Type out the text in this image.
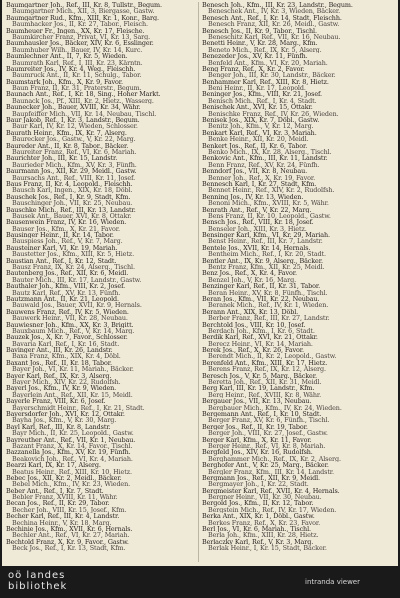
Baumgartner Joh., Ref., III, Kr. 8, Tullstr., Begum.
Baumgartner Mich., XII, 3, Biergasse, Gastw.
Baumgartner Rud., Kfm., XIII, Kr. 1, Konr., Barg.
Baumhacker Jos., II, Kr. 27, Tabor., Fleisch.
Baumheuer Fr., Ingen., XX, Kr. 17, Fleische.
Baumkircher Franz, Privat, VI, Kr. 13, Sarg.
Baumhausler Jos., Bäcker, XIV, Kr. 6, Esslinger.
Baumhuber Wilh., Bauer, IV, Kr. 14, Kurc.
Baumlechner Ant., II, 7, Kr. 5, Wieden.
Baumrath Karl, Ref., I, III, Kr. 23, Kärntn.
Baumreiter Jos., IV, Kr. 4, Weg., Fleischh.
Baumruck Ant., II, Kr. 11, Schulg., Tabor.
Baumstark Joh., Kfm., X, Kr. 9, Favor.
Baun Franz, II, Kr. 31, Praterstr., Begum.
Baunach Ant., Ref., I, Kr. 18, Sing., Hoher Markt.
Baunack Jos., Pf., XIII, Kr. 2, Hietz., Wasserg.
Baunecker Joh., Bauer, XVIII, Kr. 34, Währ.
Baupfeiffer Mich., VII, Kr. 14, Neubau, Tischl.
Baur Jakob, Ref., I, Kr. 3, Landstr., Begum.
Baur Karl, IV, Kr. 12, Wieden, Schlosser.
Baurath Heinr., Kfm., IX, Kr. 7, Alserg.
Baurecker Jos., Gastw., V, Kr. 22, Marg.
Baureder Ant., II, Kr. 8, Tabor., Bäcker.
Baureiter Franz, Ref., VI, Kr. 6, Mariah.
Baurichter Joh., III, Kr. 15, Landstr.
Baurieder Mich., Kfm., XV, Kr. 3, Fünfh.
Baurmann Jos., XII, Kr. 29, Meidl., Gastw.
Baursachs Ant., Ref., VIII, Kr. 11, Josef.
Baus Franz, II, Kr. 4, Leopold., Fleischh.
Bausch Karl, Ingen., XIX, Kr. 18, Döbl.
Bauschek Jos., Ref., I, Kr. 9, Stadt, Kfm.
Bauschinger Joh., VII, Kr. 25, Neubau.
Bauschke Mich., Ref., III, Kr. 13, Landstr.
Bausek Ant., Bauer, XVI, Kr. 8, Ottakr.
Bausenwein Franz, IV, Kr. 16, Wieden.
Bauser Jos., Kfm., X, Kr. 21, Favor.
Bausinger Heinr., II, Kr. 14, Tabor.
Bauspiess Joh., Ref., V, Kr. 7, Marg.
Bausteiner Karl, VI, Kr. 19, Mariah.
Baustetter Jos., Kfm., XIII, Kr. 5, Hietz.
Baustian Ant., Ref., I, Kr. 12, Stadt.
Bausz Franz, IX, Kr. 24, Alserg., Tischl.
Bautenberg Jos., Ref., XII, Kr. 6, Meidl.
Bauter Mich., III, Kr. 17, Landstr., Gastw.
Bauthaler Joh., Kfm., VIII, Kr. 2, Josef.
Bautz Karl, Ref., XV, Kr. 13, Fünfh.
Bautzmann Ant., II, Kr. 21, Leopold.
Bauwald Jos., Bauer, XVII, Kr. 9, Hernals.
Bauwens Franz, Ref., IV, Kr. 5, Wieden.
Bauwerk Heinr., VII, Kr. 28, Neubau.
Bauwiesner Joh., Kfm., XX, Kr. 3, Brigitt.
Bauxbaum Mich., Ref., V, Kr. 14, Marg.
Bauzek Jos., X, Kr. 7, Favor., Schlosser.
Bavaria Karl, Ref., I, Kr. 16, Stadt.
Bavinger Ant., III, Kr. 26, Landstr.
Baxa Franz, Kfm., XIX, Kr. 4, Döbl.
Baxant Jos., Ref., II, Kr. 18, Tabor.
Bayer Joh., VI, Kr. 11, Mariah., Bäcker.
Bayer Karl, Ref., IX, Kr. 3, Alserg.
Bayer Mich., XIV, Kr. 22, Rudolfsh.
Bayerl Jos., Kfm., IV, Kr. 9, Wieden.
Bayerlein Ant., Ref., XII, Kr. 15, Meidl.
Bayerle Franz, VIII, Kr. 6, Josef.
Bayerschmidt Heinr., Ref., I, Kr. 21, Stadt.
Bayersdorfer Joh., XVI, Kr. 12, Ottakr.
Bayha Jos., Kfm., V, Kr. 30, Marg.
Bayl Karl, Ref., III, Kr. 8, Landstr.
Bayr Mich., II, Kr. 25, Leopold., Gastw.
Bayreuther Ant., Ref., VII, Kr. 1, Neubau.
Bazant Franz, X, Kr. 14, Favor., Tischl.
Bazzanella Jos., Kfm., XV, Kr. 19, Fünfh.
Beakovich Joh., Ref., VI, Kr. 4, Mariah.
Bearzi Karl, IX, Kr. 17, Alserg.
Beatus Heinr., Ref., XIII, Kr. 10, Hietz.
Bebec Jos., XII, Kr. 2, Meidl., Bäcker.
Bebel Mich., Kfm., IV, Kr. 23, Wieden.
Beber Ant., Ref., I, Kr. 7, Stadt.
Bebler Franz, XVIII, Kr. 11, Währ.
Becan Jos., Ref., II, Kr. 29, Tabor.
Becher Joh., VIII, Kr. 15, Josef., Kfm.
Becher Karl, Ref., III, Kr. 4, Landstr.
Bechina Heinr., V, Kr. 18, Marg.
Bechinie Jos., Kfm., XVII, Kr. 6, Hernals.
Bechler Ant., Ref., VI, Kr. 27, Mariah.
Bechtold Franz, X, Kr. 9, Favor., Gastw.
Beck Jos., Ref., I, Kr. 13, Stadt, Kfm.
Benesch Joh., Kfm., III, Kr. 23, Landstr., Begum.
Beneschek Ant., IV, Kr. 3, Wieden, Bäcker.
Benesch Ant., Ref., I, Kr. 14, Stadt, Fleischh.
Benesch Franz, XII, Kr. 26, Meidl., Gastw.
Benesch Jos., II, Kr. 9, Tabor., Tischl.
Beneschitz Karl, Ref., VII, Kr. 16, Neubau.
Benetti Heinr., V, Kr. 28, Marg., Kfm.
Beneto Mich., Ref., IX, Kr. 5, Alserg.
Benezeder Jos., XV, Kr. 11, Fünfh.
Benfeld Ant., Kfm., VI, Kr. 20, Mariah.
Beng Franz, Ref., X, Kr. 2, Favor.
Benger Joh., III, Kr. 30, Landstr., Bäcker.
Benhammer Karl, Ref., XIII, Kr. 8, Hietz.
Beni Heinr., II, Kr. 17, Leopold.
Beninger Jos., Kfm., VIII, Kr. 21, Josef.
Benisch Mich., Ref., I, Kr. 4, Stadt.
Benischek Ant., XVI, Kr. 15, Ottakr.
Benischke Franz, Ref., IV, Kr. 26, Wieden.
Benisek Jos., XIX, Kr. 7, Döbl., Gastw.
Benitz Joh., Kfm., V, Kr. 12, Marg.
Benkart Karl, Ref., VI, Kr. 3, Mariah.
Benke Heinr., XII, Kr. 20, Meidl.
Benkert Jos., Ref., II, Kr. 6, Tabor.
Benko Mich., IX, Kr. 28, Alserg., Tischl.
Benkovic Ant., Kfm., III, Kr. 11, Landstr.
Benn Franz, Ref., XV, Kr. 24, Fünfh.
Benndorf Jos., VII, Kr. 8, Neubau.
Benner Joh., Ref., X, Kr. 19, Favor.
Bennesch Karl, I, Kr. 27, Stadt, Kfm.
Bennet Heinr., Ref., XIV, Kr. 2, Rudolfsh.
Benning Jos., IV, Kr. 13, Wieden.
Benoni Mich., Kfm., XVIII, Kr. 5, Währ.
Benrath Ant., Ref., V, Kr. 22, Marg.
Bens Franz, II, Kr. 10, Leopold., Gastw.
Bensch Jos., Ref., VIII, Kr. 18, Josef.
Benseler Joh., XIII, Kr. 3, Hietz.
Bensinger Karl, Kfm., VI, Kr. 29, Mariah.
Benst Heinr., Ref., III, Kr. 7, Landstr.
Bentele Jos., XVII, Kr. 14, Hernals.
Bentheim Mich., Ref., I, Kr. 20, Stadt.
Bentler Ant., IX, Kr. 9, Alserg., Bäcker.
Bentz Franz, Kfm., XII, Kr. 25, Meidl.
Benz Jos., Ref., X, Kr. 4, Favor.
Benzel Joh., V, Kr. 16, Marg.
Benzinger Karl, Ref., II, Kr. 31, Tabor.
Beran Heinr., XV, Kr. 8, Fünfh., Tischl.
Beran Jos., Kfm., VII, Kr. 22, Neubau.
Beranek Mich., Ref., IV, Kr. 1, Wieden.
Berann Ant., XIX, Kr. 13, Döbl.
Berber Franz, Ref., III, Kr. 27, Landstr.
Berchtold Jos., VIII, Kr. 10, Josef.
Berdach Joh., Kfm., I, Kr. 6, Stadt.
Berdik Karl, Ref., XVI, Kr. 21, Ottakr.
Berecz Heinr., VI, Kr. 14, Mariah.
Berek Jos., Ref., X, Kr. 26, Favor.
Berendt Mich., II, Kr. 2, Leopold., Gastw.
Berenfeld Ant., Kfm., XIII, Kr. 17, Hietz.
Berens Franz, Ref., IX, Kr. 12, Alserg.
Beresch Jos., V, Kr. 5, Marg., Bäcker.
Beretta Joh., Ref., XII, Kr. 31, Meidl.
Berg Karl, III, Kr. 19, Landstr., Kfm.
Berg Heinr., Ref., XVIII, Kr. 8, Währ.
Bergauer Jos., VII, Kr. 13, Neubau.
Bergbauer Mich., Kfm., IV, Kr. 24, Wieden.
Bergemann Ant., Ref., I, Kr. 10, Stadt.
Berger Franz, XV, Kr. 6, Fünfh., Tischl.
Berger Jos., Ref., II, Kr. 19, Tabor.
Berger Joh., VIII, Kr. 27, Josef., Gastw.
Berger Karl, Kfm., X, Kr. 11, Favor.
Berger Heinr., Ref., VI, Kr. 8, Mariah.
Bergfeld Jos., XIV, Kr. 16, Rudolfsh.
Berghammer Mich., Ref., IX, Kr. 2, Alserg.
Berghofer Ant., V, Kr. 25, Marg., Bäcker.
Bergler Franz, Kfm., III, Kr. 14, Landstr.
Bergmann Jos., Ref., XII, Kr. 9, Meidl.
Bergmayer Joh., I, Kr. 22, Stadt.
Bergmeister Karl, Ref., XVII, Kr. 4, Hernals.
Bergner Heinr., VII, Kr. 30, Neubau.
Bergold Jos., Kfm., II, Kr. 12, Tabor.
Bergstein Mich., Ref., IV, Kr. 17, Wieden.
Berka Ant., XIX, Kr. 1, Döbl., Gastw.
Berkes Franz, Ref., X, Kr. 23, Favor.
Berl Jos., VI, Kr. 6, Mariah., Tischl.
Berla Joh., Kfm., XIII, Kr. 28, Hietz.
Berlaczky Karl, Ref., V, Kr. 3, Marg.
Berlak Heinr., I, Kr. 15, Stadt, Bäcker.
oö landes
bibliothek	intranda viewer
